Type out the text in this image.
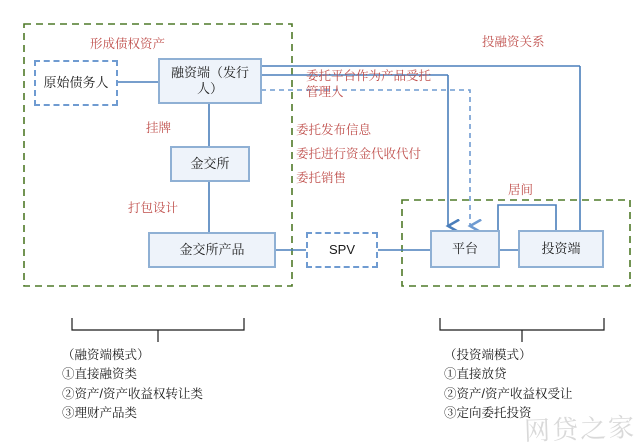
原始债务人
融资端（发行人）
金交所
金交所产品	SPV	平台	投资端
形成债权资产
挂牌
打包设计
委托平台作为产品受托管理人
委托发布信息
委托进行资金代收代付
委托销售
投融资关系
居间
（融资端模式）
①直接融资类
②资产/资产收益权转让类
③理财产品类
（投资端模式）
①直接放贷
②资产/资产收益权受让
③定向委托投资
网贷之家
